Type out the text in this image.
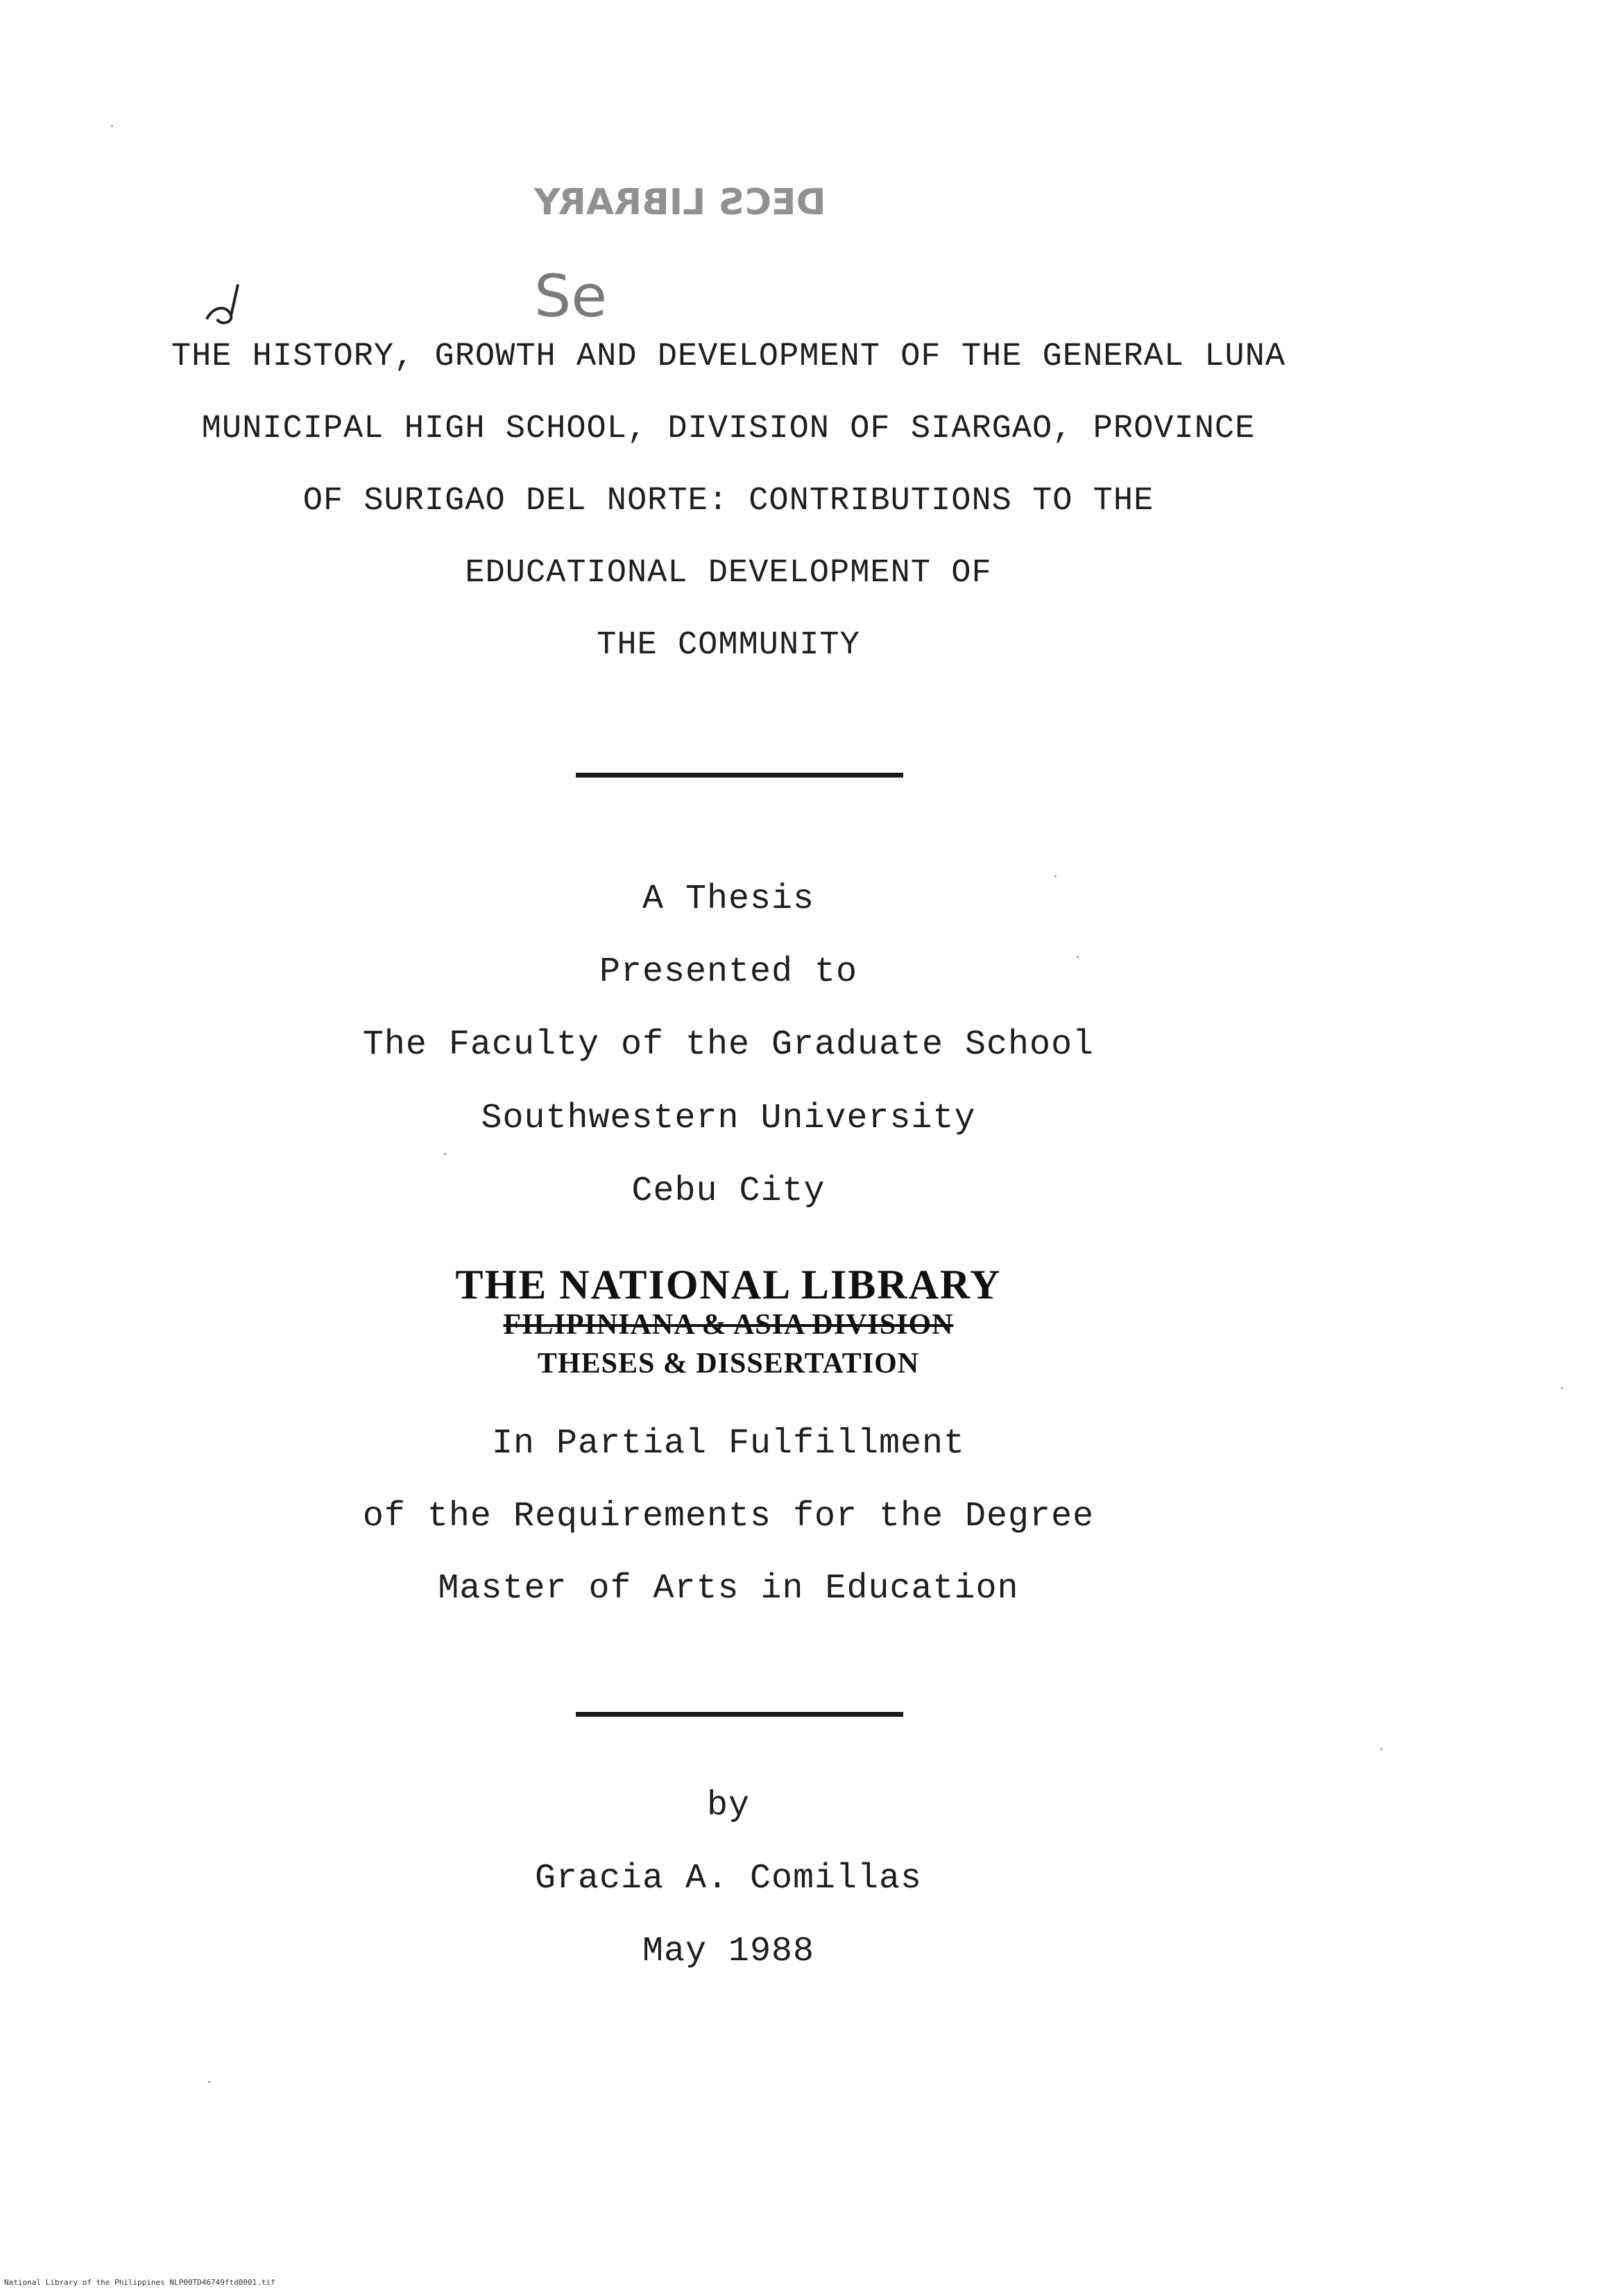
DECS LIBRARY
Se
THE HISTORY, GROWTH AND DEVELOPMENT OF THE GENERAL LUNA
MUNICIPAL HIGH SCHOOL, DIVISION OF SIARGAO, PROVINCE
OF SURIGAO DEL NORTE: CONTRIBUTIONS TO THE
EDUCATIONAL DEVELOPMENT OF
THE COMMUNITY
A Thesis
Presented to
The Faculty of the Graduate School
Southwestern University
Cebu City
THE NATIONAL LIBRARY
FILIPINIANA & ASIA DIVISION
THESES & DISSERTATION
In Partial Fulfillment
of the Requirements for the Degree
Master of Arts in Education
by
Gracia A. Comillas
May 1988
National Library of the Philippines NLP00TD46749ftd0001.tif
